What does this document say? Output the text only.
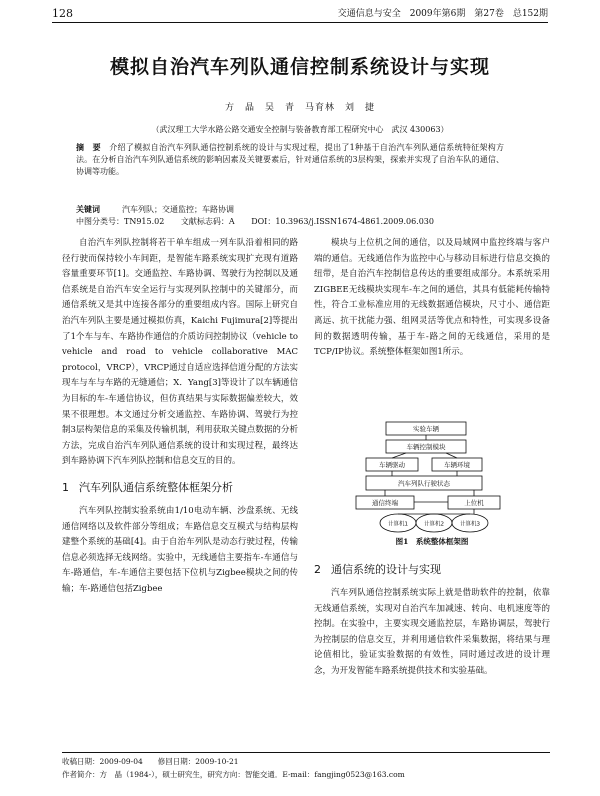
128	交通信息与安全　2009年第6期　第27卷　总152期
模拟自治汽车列队通信控制系统设计与实现
方　晶　吴　青　马育林　刘　捷
（武汉理工大学水路公路交通安全控制与装备教育部工程研究中心　武汉 430063）
摘　要　 介绍了模拟自治汽车列队通信控制系统的设计与实现过程，提出了1种基于自治汽车列队通信系统特征架构方法。在分析自治汽车列队通信系统的影响因素及关键要素后，针对通信系统的3层构架，探索并实现了自治车队的通信、协调等功能。
关键词　	汽车列队；交通监控；车路协调
中图分类号：TN915.02 文献标志码：A DOI：10.3963/j.ISSN1674-4861.2009.06.030

自治汽车列队控制将若干单车组成一列车队沿着相同的路径行驶而保持较小车间距，是智能车路系统实现扩充现有道路容量重要环节[1]。交通监控、车路协调、驾驶行为控制以及通信系统是自治汽车安全运行与实现列队控制中的关键部分，而通信系统又是其中连接各部分的重要组成内容。国际上研究自治汽车列队主要是通过模拟仿真，Kaichi Fujimura[2]等提出了1个车与车、车路协作通信的介质访问控制协议（vehicle to vehicle and road to vehicle collaborative MAC protocol，VRCP），VRCP通过自适应选择信道分配的方法实现车与车与车路的无缝通信；X．Yang[3]等设计了以车辆通信为目标的车-车通信协议，但仿真结果与实际数据偏差较大，效果不很理想。本文通过分析交通监控、车路协调、驾驶行为控制3层构架信息的采集及传输机制，利用获取关键点数据的分析方法，完成自治汽车列队通信系统的设计和实现过程，最终达到车路协调下汽车列队控制和信息交互的目的。

1 汽车列队通信系统整体框架分析

汽车列队控制实验系统由1/10电动车辆、沙盘系统、无线通信网络以及软件部分等组成；车路信息交互模式与结构层构建整个系统的基础[4]。由于自治车列队是动态行驶过程，传输信息必须选择无线网络。实验中，无线通信主要指车-车通信与车-路通信，车-车通信主要包括下位机与Zigbee模块之间的传输；车-路通信包括Zigbee

模块与上位机之间的通信，以及局域网中监控终端与客户端的通信。无线通信作为监控中心与移动目标进行信息交换的纽带，是自治汽车控制信息传达的重要组成部分。本系统采用ZIGBEE无线模块实现车-车之间的通信，其具有低能耗传输特性，符合工业标准应用的无线数据通信模块，尺寸小、通信距离远、抗干扰能力强、组网灵活等优点和特性，可实现多设备间的数据透明传输，基于车-路之间的无线通信，采用的是TCP/IP协议。系统整体框架如图1所示。

实验车辆
车辆控制模块
车辆驱动	车辆环境
汽车列队行驶状态
通信终端	上位机
计算机1	计算机2	计算机3
图1　系统整体框架图
2 通信系统的设计与实现

汽车列队通信控制系统实际上就是借助软件的控制，依靠无线通信系统，实现对自治汽车加减速、转向、电机速度等的控制。在实验中，主要实现交通监控层，车路协调层，驾驶行为控制层的信息交互，并利用通信软件采集数据，将结果与理论值相比，验证实验数据的有效性，同时通过改进的设计理念，为开发智能车路系统提供技术和实验基础。

收稿日期：2009-09-04　　修回日期：2009-10-21
作者简介：方　晶（1984-），硕士研究生，研究方向：智能交通．E-mail：fangjing0523@163.com
